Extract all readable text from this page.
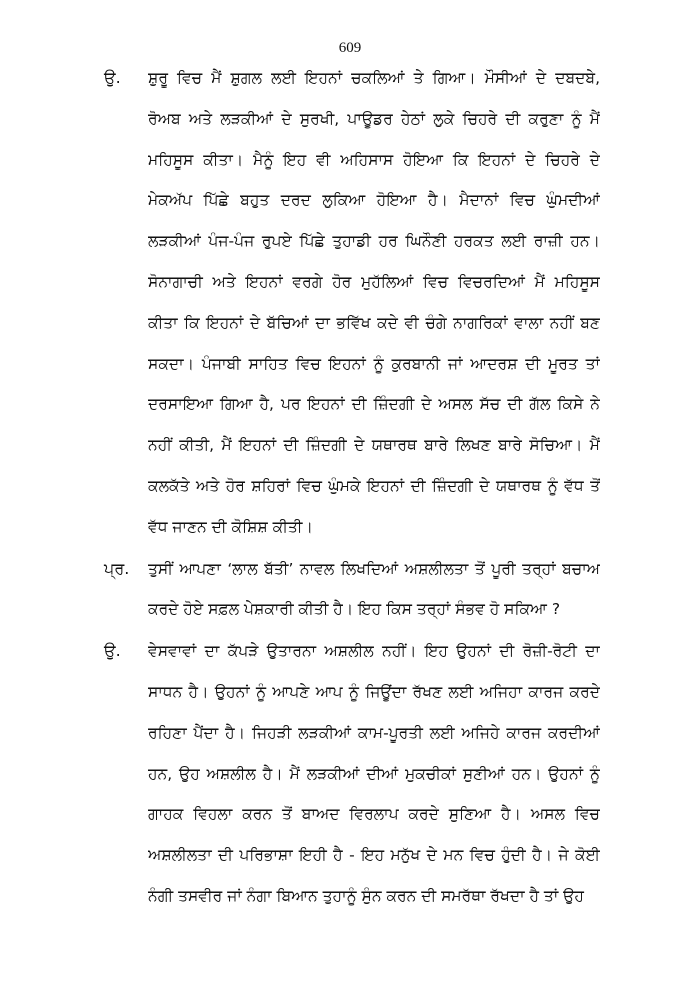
609
ਉ.	ਸ਼ੁਰੂ ਵਿਚ ਮੈਂ ਸ਼ੁਗਲ ਲਈ ਇਹਨਾਂ ਚਕਲਿਆਂ ਤੇ ਗਿਆ। ਮੌਸੀਆਂ ਦੇ ਦਬਦਬੇ,
ਰੋਅਬ ਅਤੇ ਲੜਕੀਆਂ ਦੇ ਸੁਰਖੀ, ਪਾਊਡਰ ਹੇਠਾਂ ਲੁਕੇ ਚਿਹਰੇ ਦੀ ਕਰੁਣਾ ਨੂੰ ਮੈਂ
ਮਹਿਸੂਸ ਕੀਤਾ। ਮੈਨੂੰ ਇਹ ਵੀ ਅਹਿਸਾਸ ਹੋਇਆ ਕਿ ਇਹਨਾਂ ਦੇ ਚਿਹਰੇ ਦੇ
ਮੇਕਅੱਪ ਪਿੱਛੇ ਬਹੁਤ ਦਰਦ ਲੁਕਿਆ ਹੋਇਆ ਹੈ। ਮੈਦਾਨਾਂ ਵਿਚ ਘੁੰਮਦੀਆਂ
ਲੜਕੀਆਂ ਪੰਜ-ਪੰਜ ਰੁਪਏ ਪਿੱਛੇ ਤੁਹਾਡੀ ਹਰ ਘਿਨੌਣੀ ਹਰਕਤ ਲਈ ਰਾਜ਼ੀ ਹਨ।
ਸੋਨਾਗਾਚੀ ਅਤੇ ਇਹਨਾਂ ਵਰਗੇ ਹੋਰ ਮੁਹੱਲਿਆਂ ਵਿਚ ਵਿਚਰਦਿਆਂ ਮੈਂ ਮਹਿਸੂਸ
ਕੀਤਾ ਕਿ ਇਹਨਾਂ ਦੇ ਬੱਚਿਆਂ ਦਾ ਭਵਿੱਖ ਕਦੇ ਵੀ ਚੰਗੇ ਨਾਗਰਿਕਾਂ ਵਾਲਾ ਨਹੀਂ ਬਣ
ਸਕਦਾ। ਪੰਜਾਬੀ ਸਾਹਿਤ ਵਿਚ ਇਹਨਾਂ ਨੂੰ ਕੁਰਬਾਨੀ ਜਾਂ ਆਦਰਸ਼ ਦੀ ਮੂਰਤ ਤਾਂ
ਦਰਸਾਇਆ ਗਿਆ ਹੈ, ਪਰ ਇਹਨਾਂ ਦੀ ਜ਼ਿੰਦਗੀ ਦੇ ਅਸਲ ਸੱਚ ਦੀ ਗੱਲ ਕਿਸੇ ਨੇ
ਨਹੀਂ ਕੀਤੀ, ਮੈਂ ਇਹਨਾਂ ਦੀ ਜ਼ਿੰਦਗੀ ਦੇ ਯਥਾਰਥ ਬਾਰੇ ਲਿਖਣ ਬਾਰੇ ਸੋਚਿਆ। ਮੈਂ
ਕਲਕੱਤੇ ਅਤੇ ਹੋਰ ਸ਼ਹਿਰਾਂ ਵਿਚ ਘੁੰਮਕੇ ਇਹਨਾਂ ਦੀ ਜ਼ਿੰਦਗੀ ਦੇ ਯਥਾਰਥ ਨੂੰ ਵੱਧ ਤੋਂ
ਵੱਧ ਜਾਣਨ ਦੀ ਕੋਸ਼ਿਸ਼ ਕੀਤੀ।
ਪ੍ਰ.	ਤੁਸੀਂ ਆਪਣਾ ‘ਲਾਲ ਬੱਤੀ’ ਨਾਵਲ ਲਿਖਦਿਆਂ ਅਸ਼ਲੀਲਤਾ ਤੋਂ ਪੂਰੀ ਤਰ੍ਹਾਂ ਬਚਾਅ
ਕਰਦੇ ਹੋਏ ਸਫ਼ਲ ਪੇਸ਼ਕਾਰੀ ਕੀਤੀ ਹੈ। ਇਹ ਕਿਸ ਤਰ੍ਹਾਂ ਸੰਭਵ ਹੋ ਸਕਿਆ ?
ਉ.	ਵੇਸਵਾਵਾਂ ਦਾ ਕੱਪੜੇ ਉਤਾਰਨਾ ਅਸ਼ਲੀਲ ਨਹੀਂ। ਇਹ ਉਹਨਾਂ ਦੀ ਰੋਜ਼ੀ-ਰੋਟੀ ਦਾ
ਸਾਧਨ ਹੈ। ਉਹਨਾਂ ਨੂੰ ਆਪਣੇ ਆਪ ਨੂੰ ਜਿਊਂਦਾ ਰੱਖਣ ਲਈ ਅਜਿਹਾ ਕਾਰਜ ਕਰਦੇ
ਰਹਿਣਾ ਪੈਂਦਾ ਹੈ। ਜਿਹੜੀ ਲੜਕੀਆਂ ਕਾਮ-ਪੂਰਤੀ ਲਈ ਅਜਿਹੇ ਕਾਰਜ ਕਰਦੀਆਂ
ਹਨ, ਉਹ ਅਸ਼ਲੀਲ ਹੈ। ਮੈਂ ਲੜਕੀਆਂ ਦੀਆਂ ਮੁਕਚੀਕਾਂ ਸੁਣੀਆਂ ਹਨ। ਉਹਨਾਂ ਨੂੰ
ਗਾਹਕ ਵਿਹਲਾ ਕਰਨ ਤੋਂ ਬਾਅਦ ਵਿਰਲਾਪ ਕਰਦੇ ਸੁਣਿਆ ਹੈ। ਅਸਲ ਵਿਚ
ਅਸ਼ਲੀਲਤਾ ਦੀ ਪਰਿਭਾਸ਼ਾ ਇਹੀ ਹੈ - ਇਹ ਮਨੁੱਖ ਦੇ ਮਨ ਵਿਚ ਹੁੰਦੀ ਹੈ। ਜੇ ਕੋਈ
ਨੰਗੀ ਤਸਵੀਰ ਜਾਂ ਨੰਗਾ ਬਿਆਨ ਤੁਹਾਨੂੰ ਸੁੰਨ ਕਰਨ ਦੀ ਸਮਰੱਥਾ ਰੱਖਦਾ ਹੈ ਤਾਂ ਉਹ
